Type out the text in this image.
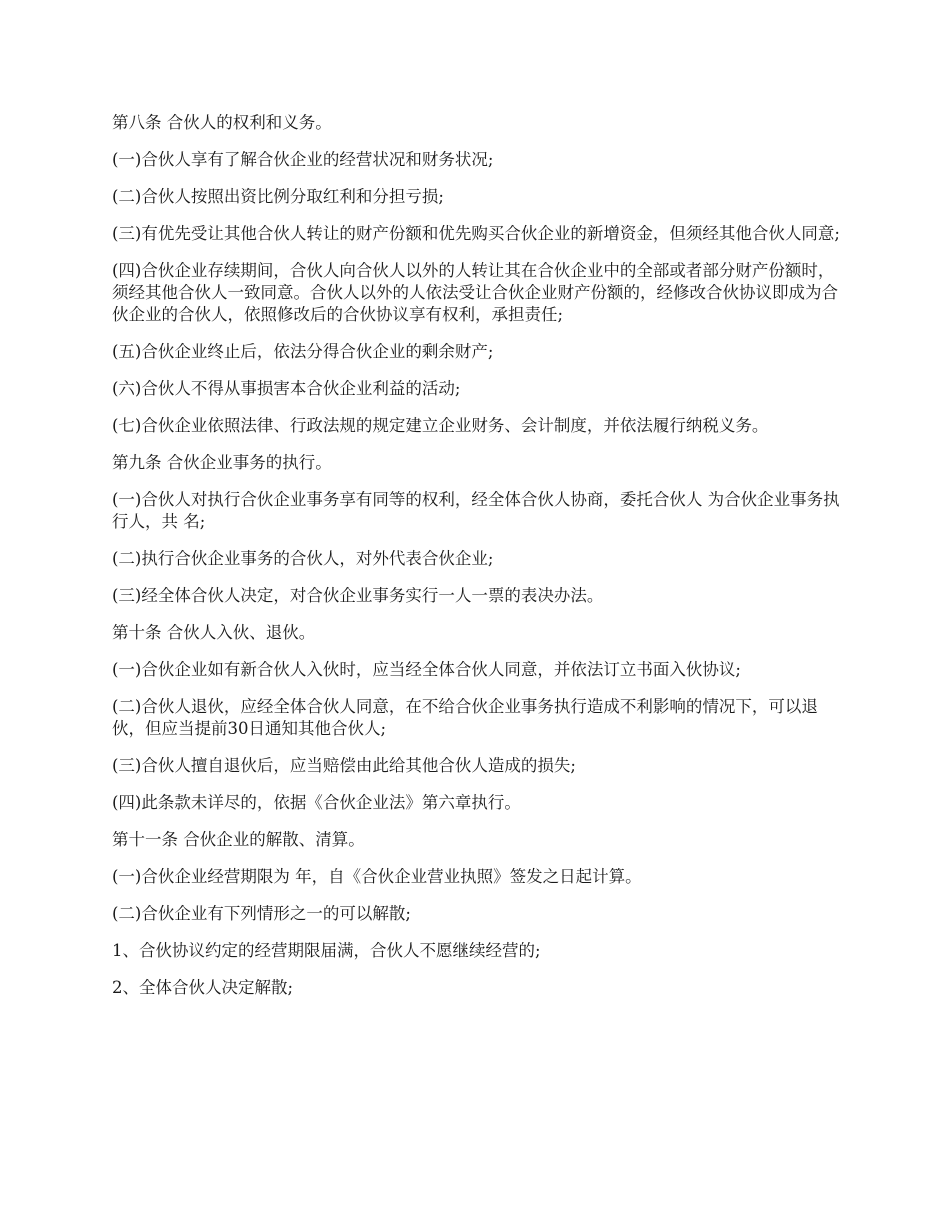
第八条 合伙人的权利和义务。

(一)合伙人享有了解合伙企业的经营状况和财务状况;

(二)合伙人按照出资比例分取红利和分担亏损;

(三)有优先受让其他合伙人转让的财产份额和优先购买合伙企业的新增资金，但须经其他合伙人同意;

(四)合伙企业存续期间，合伙人向合伙人以外的人转让其在合伙企业中的全部或者部分财产份额时，须经其他合伙人一致同意。合伙人以外的人依法受让合伙企业财产份额的，经修改合伙协议即成为合伙企业的合伙人，依照修改后的合伙协议享有权利，承担责任;

(五)合伙企业终止后，依法分得合伙企业的剩余财产;

(六)合伙人不得从事损害本合伙企业利益的活动;

(七)合伙企业依照法律、行政法规的规定建立企业财务、会计制度，并依法履行纳税义务。

第九条 合伙企业事务的执行。

(一)合伙人对执行合伙企业事务享有同等的权利，经全体合伙人协商，委托合伙人 为合伙企业事务执行人，共 名;

(二)执行合伙企业事务的合伙人，对外代表合伙企业;

(三)经全体合伙人决定，对合伙企业事务实行一人一票的表决办法。

第十条 合伙人入伙、退伙。

(一)合伙企业如有新合伙人入伙时，应当经全体合伙人同意，并依法订立书面入伙协议;

(二)合伙人退伙，应经全体合伙人同意，在不给合伙企业事务执行造成不利影响的情况下，可以退伙，但应当提前30日通知其他合伙人;

(三)合伙人擅自退伙后，应当赔偿由此给其他合伙人造成的损失;

(四)此条款未详尽的，依据《合伙企业法》第六章执行。

第十一条 合伙企业的解散、清算。

(一)合伙企业经营期限为 年，自《合伙企业营业执照》签发之日起计算。

(二)合伙企业有下列情形之一的可以解散;

1、合伙协议约定的经营期限届满，合伙人不愿继续经营的;

2、全体合伙人决定解散;
